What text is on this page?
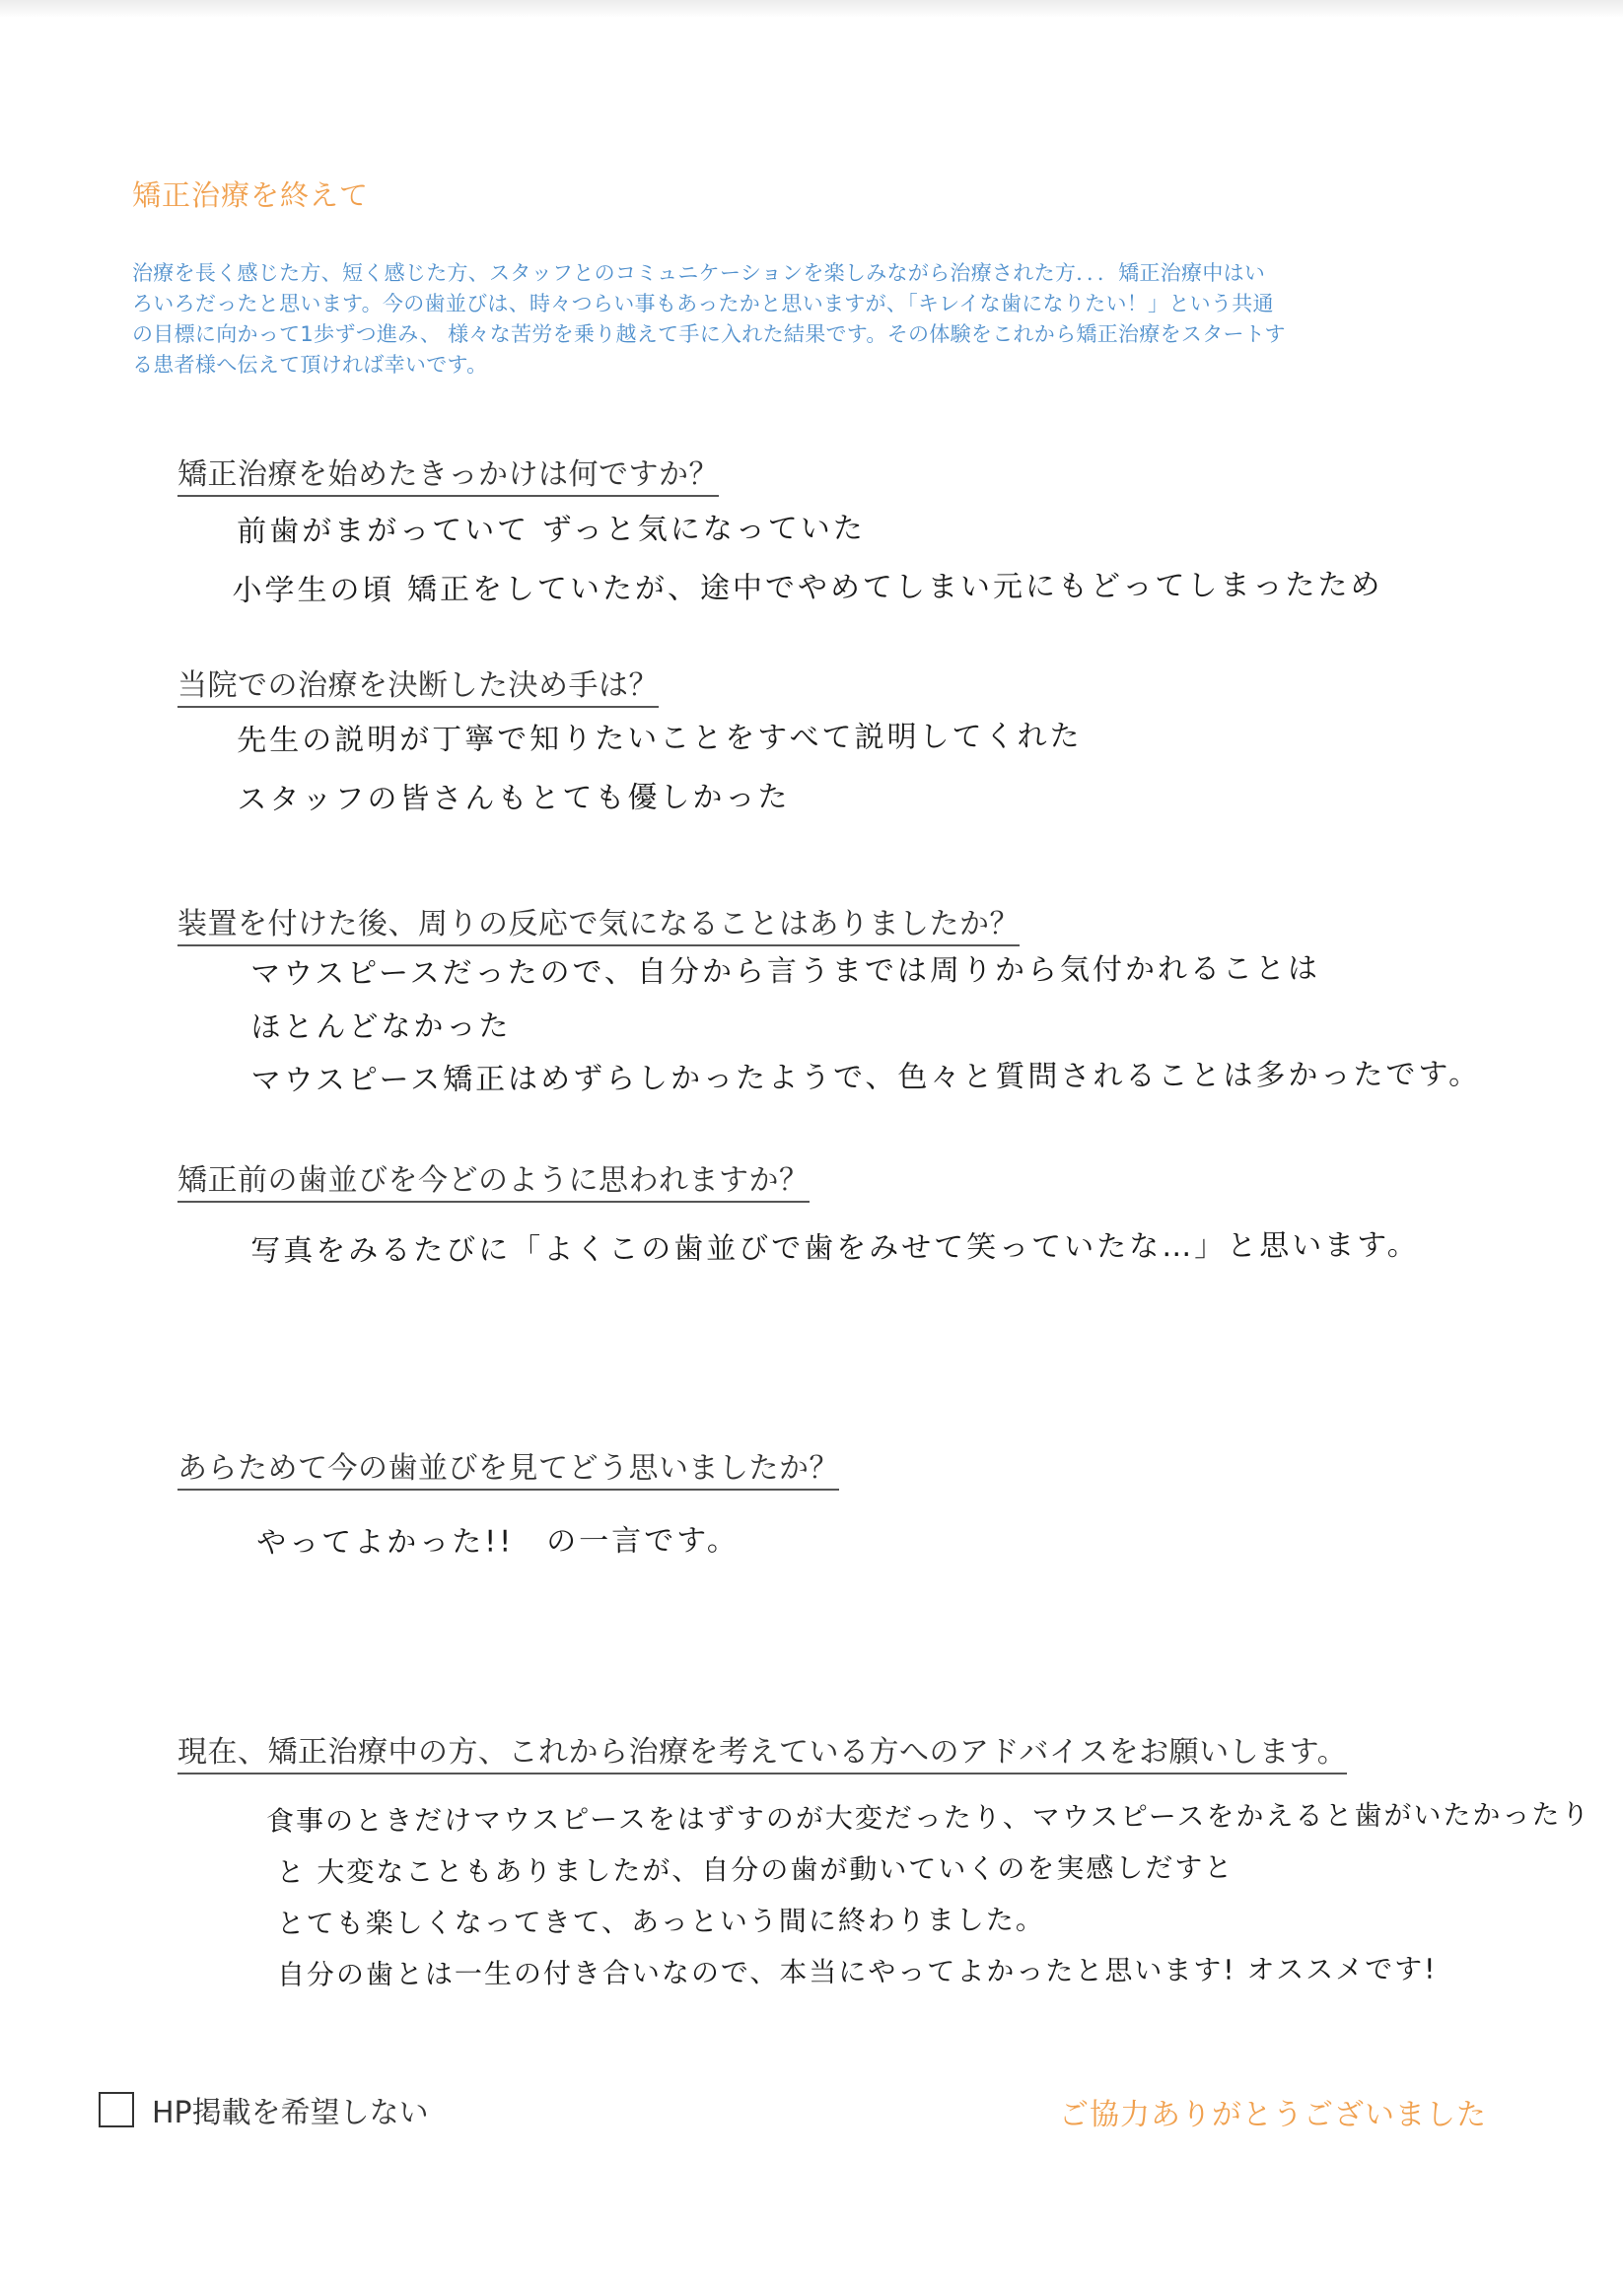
矯正治療を終えて
治療を長く感じた方、短く感じた方、スタッフとのコミュニケーションを楽しみながら治療された方．．．矯正治療中はい
ろいろだったと思います。今の歯並びは、時々つらい事もあったかと思いますが、「キレイな歯になりたい！」という共通
の目標に向かって1歩ずつ進み、 様々な苦労を乗り越えて手に入れた結果です。その体験をこれから矯正治療をスタートす
る患者様へ伝えて頂ければ幸いです。
矯正治療を始めたきっかけは何ですか？
前歯がまがっていて ずっと気になっていた
小学生の頃 矯正をしていたが、途中でやめてしまい元にもどってしまったため
当院での治療を決断した決め手は？
先生の説明が丁寧で知りたいことをすべて説明してくれた
スタッフの皆さんもとても優しかった
装置を付けた後、周りの反応で気になることはありましたか？
マウスピースだったので、自分から言うまでは周りから気付かれることは
ほとんどなかった
マウスピース矯正はめずらしかったようで、色々と質問されることは多かったです。
矯正前の歯並びを今どのように思われますか？
写真をみるたびに「よくこの歯並びで歯をみせて笑っていたな…」と思います。
あらためて今の歯並びを見てどう思いましたか？
やってよかった!!　の一言です。
現在、矯正治療中の方、これから治療を考えている方へのアドバイスをお願いします。
食事のときだけマウスピースをはずすのが大変だったり、マウスピースをかえると歯がいたかったり
と 大変なこともありましたが、自分の歯が動いていくのを実感しだすと
とても楽しくなってきて、あっという間に終わりました。
自分の歯とは一生の付き合いなので、本当にやってよかったと思います! オススメです!
HP掲載を希望しない	ご協力ありがとうございました
